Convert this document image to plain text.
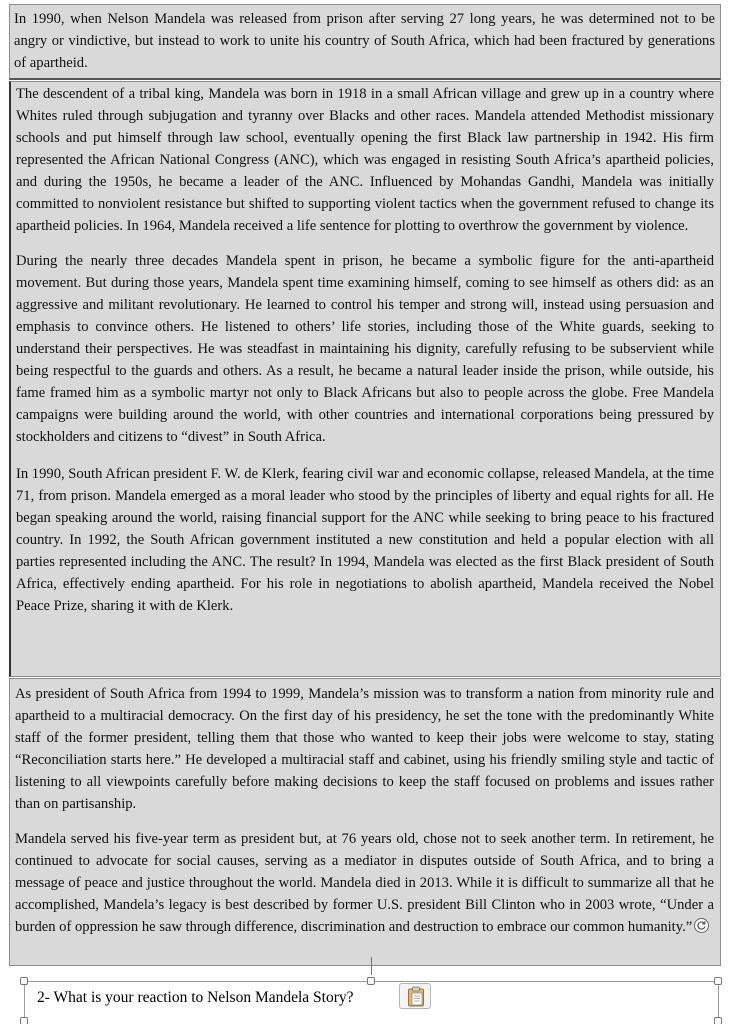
In 1990, when Nelson Mandela was released from prison after serving 27 long years, he was determined not to be angry or vindictive, but instead to work to unite his country of South Africa, which had been fractured by generations of apartheid.

The descendent of a tribal king, Mandela was born in 1918 in a small African village and grew up in a country where Whites ruled through subjugation and tyranny over Blacks and other races. Mandela attended Methodist missionary schools and put himself through law school, eventually opening the first Black law partnership in 1942. His firm represented the African National Congress (ANC), which was engaged in resisting South Africa’s apartheid policies, and during the 1950s, he became a leader of the ANC. Influenced by Mohandas Gandhi, Mandela was initially committed to nonviolent resistance but shifted to supporting violent tactics when the government refused to change its apartheid policies. In 1964, Mandela received a life sentence for plotting to overthrow the government by violence.

During the nearly three decades Mandela spent in prison, he became a symbolic figure for the anti-apartheid movement. But during those years, Mandela spent time examining himself, coming to see himself as others did: as an aggressive and militant revolutionary. He learned to control his temper and strong will, instead using persuasion and emphasis to convince others. He listened to others’ life stories, including those of the White guards, seeking to understand their perspectives. He was steadfast in maintaining his dignity, carefully refusing to be subservient while being respectful to the guards and others. As a result, he became a natural leader inside the prison, while outside, his fame framed him as a symbolic martyr not only to Black Africans but also to people across the globe. Free Mandela campaigns were building around the world, with other countries and international corporations being pressured by stockholders and citizens to “divest” in South Africa.

In 1990, South African president F. W. de Klerk, fearing civil war and economic collapse, released Mandela, at the time 71, from prison. Mandela emerged as a moral leader who stood by the principles of liberty and equal rights for all. He began speaking around the world, raising financial support for the ANC while seeking to bring peace to his fractured country. In 1992, the South African government instituted a new constitution and held a popular election with all parties represented including the ANC. The result? In 1994, Mandela was elected as the first Black president of South Africa, effectively ending apartheid. For his role in negotiations to abolish apartheid, Mandela received the Nobel Peace Prize, sharing it with de Klerk.

As president of South Africa from 1994 to 1999, Mandela’s mission was to transform a nation from minority rule and apartheid to a multiracial democracy. On the first day of his presidency, he set the tone with the predominantly White staff of the former president, telling them that those who wanted to keep their jobs were welcome to stay, stating “Reconciliation starts here.” He developed a multiracial staff and cabinet, using his friendly smiling style and tactic of listening to all viewpoints carefully before making decisions to keep the staff focused on problems and issues rather than on partisanship.

Mandela served his five-year term as president but, at 76 years old, chose not to seek another term. In retirement, he continued to advocate for social causes, serving as a mediator in disputes outside of South Africa, and to bring a message of peace and justice throughout the world. Mandela died in 2013. While it is difficult to summarize all that he accomplished, Mandela’s legacy is best described by former U.S. president Bill Clinton who in 2003 wrote, “Under a burden of oppression he saw through difference, discrimination and destruction to embrace our common humanity.”

2- What is your reaction to Nelson Mandela Story?
